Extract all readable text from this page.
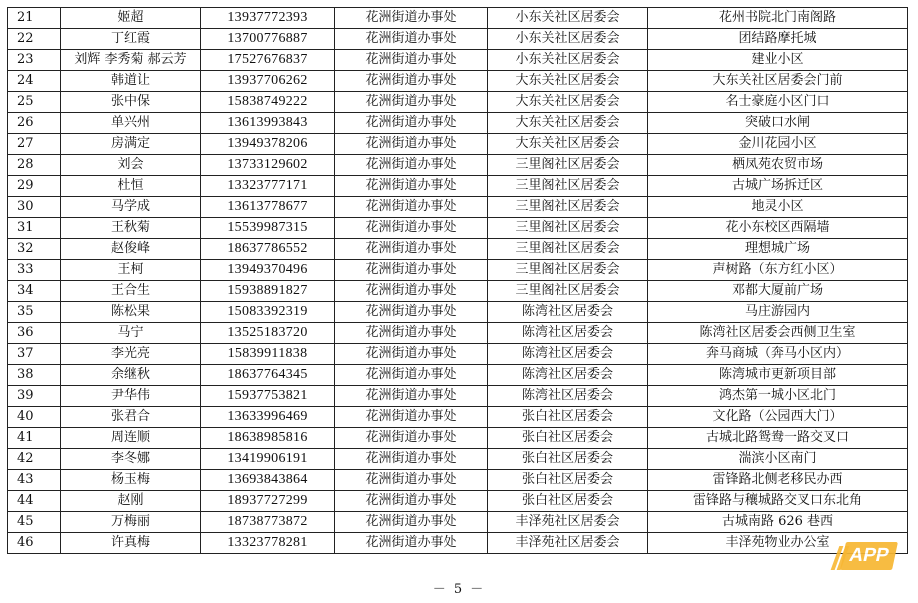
21	姬超	13937772393	花洲街道办事处	小东关社区居委会	花州书院北门南阁路
22	丁红霞	13700776887	花洲街道办事处	小东关社区居委会	团结路摩托城
23	刘辉 李秀菊 郝云芳	17527676837	花洲街道办事处	小东关社区居委会	建业小区
24	韩道让	13937706262	花洲街道办事处	大东关社区居委会	大东关社区居委会门前
25	张中保	15838749222	花洲街道办事处	大东关社区居委会	名士豪庭小区门口
26	单兴州	13613993843	花洲街道办事处	大东关社区居委会	突破口水闸
27	房满定	13949378206	花洲街道办事处	大东关社区居委会	金川花园小区
28	刘会	13733129602	花洲街道办事处	三里阁社区居委会	栖凤苑农贸市场
29	杜恒	13323777171	花洲街道办事处	三里阁社区居委会	古城广场拆迁区
30	马学成	13613778677	花洲街道办事处	三里阁社区居委会	地灵小区
31	王秋菊	15539987315	花洲街道办事处	三里阁社区居委会	花小东校区西隔墙
32	赵俊峰	18637786552	花洲街道办事处	三里阁社区居委会	理想城广场
33	王柯	13949370496	花洲街道办事处	三里阁社区居委会	声树路（东方红小区）
34	王合生	15938891827	花洲街道办事处	三里阁社区居委会	邓都大厦前广场
35	陈松果	15083392319	花洲街道办事处	陈湾社区居委会	马庄游园内
36	马宁	13525183720	花洲街道办事处	陈湾社区居委会	陈湾社区居委会西侧卫生室
37	李光亮	15839911838	花洲街道办事处	陈湾社区居委会	奔马商城（奔马小区内）
38	余继秋	18637764345	花洲街道办事处	陈湾社区居委会	陈湾城市更新项目部
39	尹华伟	15937753821	花洲街道办事处	陈湾社区居委会	鸿杰第一城小区北门
40	张君合	13633996469	花洲街道办事处	张白社区居委会	文化路（公园西大门）
41	周连顺	18638985816	花洲街道办事处	张白社区居委会	古城北路鸳鸯一路交叉口
42	李冬娜	13419906191	花洲街道办事处	张白社区居委会	湍滨小区南门
43	杨玉梅	13693843864	花洲街道办事处	张白社区居委会	雷锋路北侧老移民办西
44	赵刚	18937727299	花洲街道办事处	张白社区居委会	雷锋路与穰城路交叉口东北角
45	万梅丽	18738773872	花洲街道办事处	丰泽苑社区居委会	古城南路 626 巷西
46	许真梅	13323778281	花洲街道办事处	丰泽苑社区居委会	丰泽苑物业办公室
－ 5 －
APP
